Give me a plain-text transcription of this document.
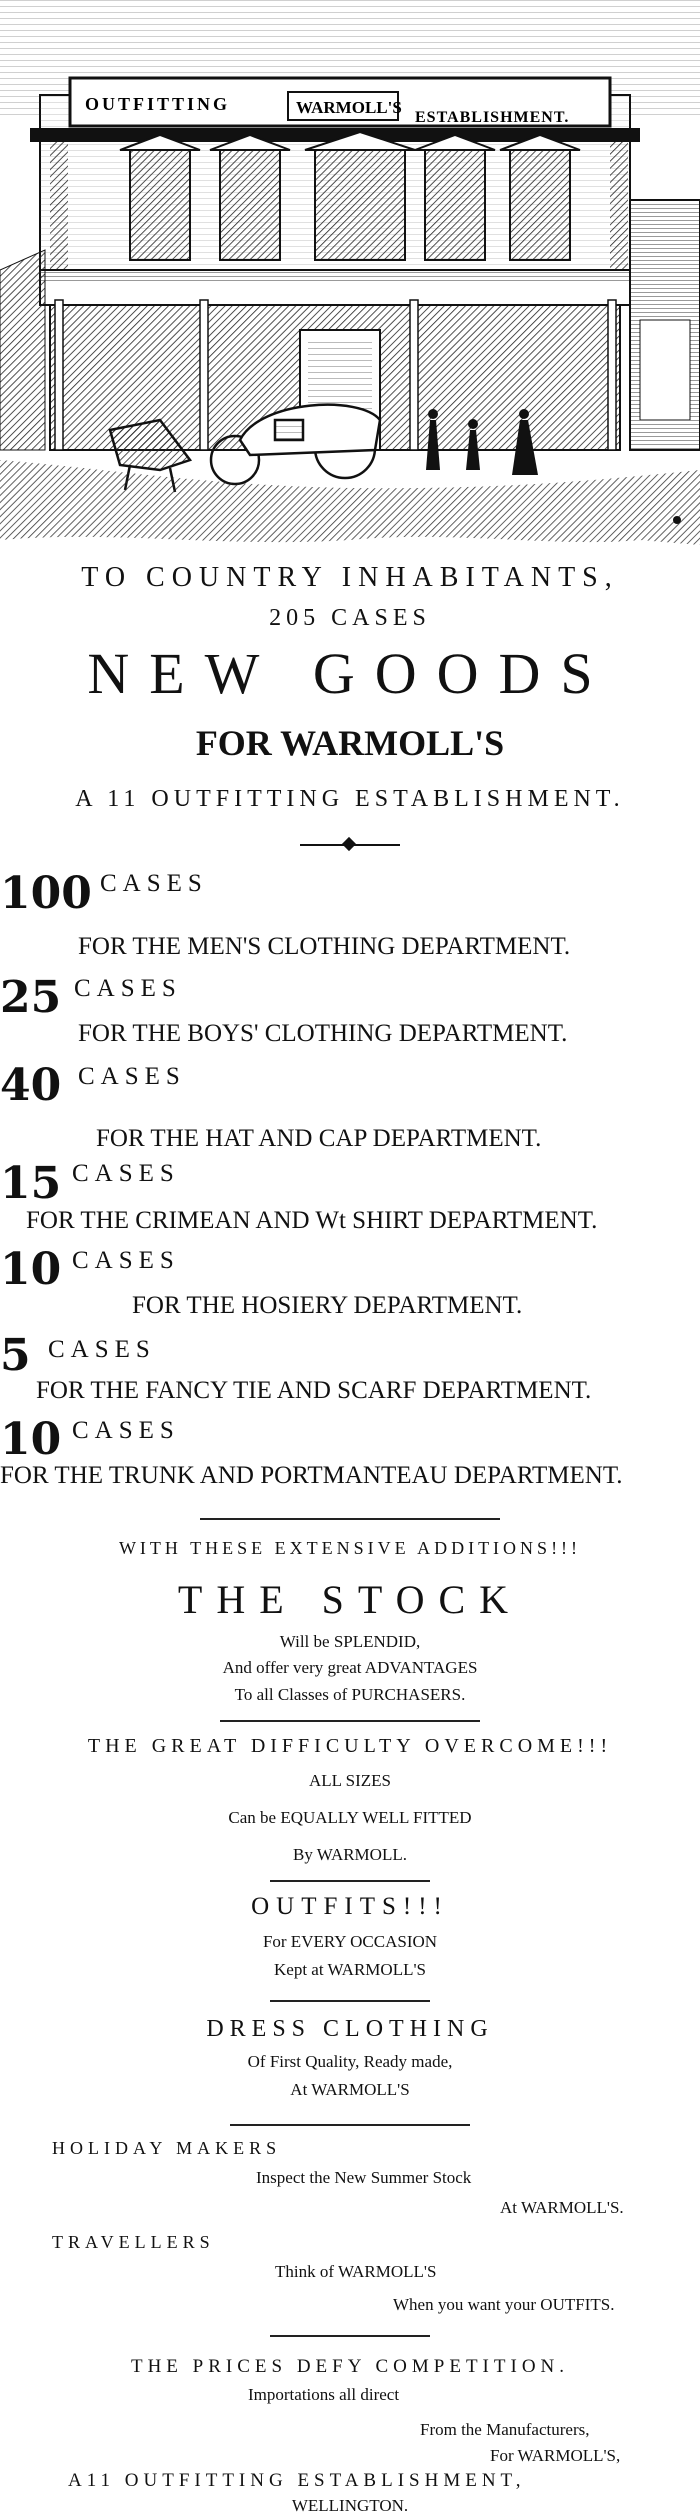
OUTFITTING	WARMOLL'S
ESTABLISHMENT.
TO COUNTRY INHABITANTS,
205 CASES
NEW GOODS
FOR WARMOLL'S
A 11 OUTFITTING ESTABLISHMENT.
100 CASES
FOR THE MEN'S CLOTHING DEPARTMENT.
25 CASES
FOR THE BOYS' CLOTHING DEPARTMENT.
40 CASES
FOR THE HAT AND CAP DEPARTMENT.
15 CASES
FOR THE CRIMEAN AND Wt SHIRT DEPARTMENT.
10 CASES
FOR THE HOSIERY DEPARTMENT.
5 CASES
FOR THE FANCY TIE AND SCARF DEPARTMENT.
10 CASES
FOR THE TRUNK AND PORTMANTEAU DEPARTMENT.
WITH THESE EXTENSIVE ADDITIONS!!!
THE STOCK
Will be SPLENDID,
And offer very great ADVANTAGES
To all Classes of PURCHASERS.
THE GREAT DIFFICULTY OVERCOME!!!
ALL SIZES
Can be EQUALLY WELL FITTED
By WARMOLL.
OUTFITS!!!
For EVERY OCCASION
Kept at WARMOLL'S
DRESS CLOTHING
Of First Quality, Ready made,
At WARMOLL'S
HOLIDAY MAKERS
Inspect the New Summer Stock
At WARMOLL'S.
TRAVELLERS
Think of WARMOLL'S
When you want your OUTFITS.
THE PRICES DEFY COMPETITION.
Importations all direct
From the Manufacturers,
For WARMOLL'S,
A11 OUTFITTING ESTABLISHMENT,
WELLINGTON.
